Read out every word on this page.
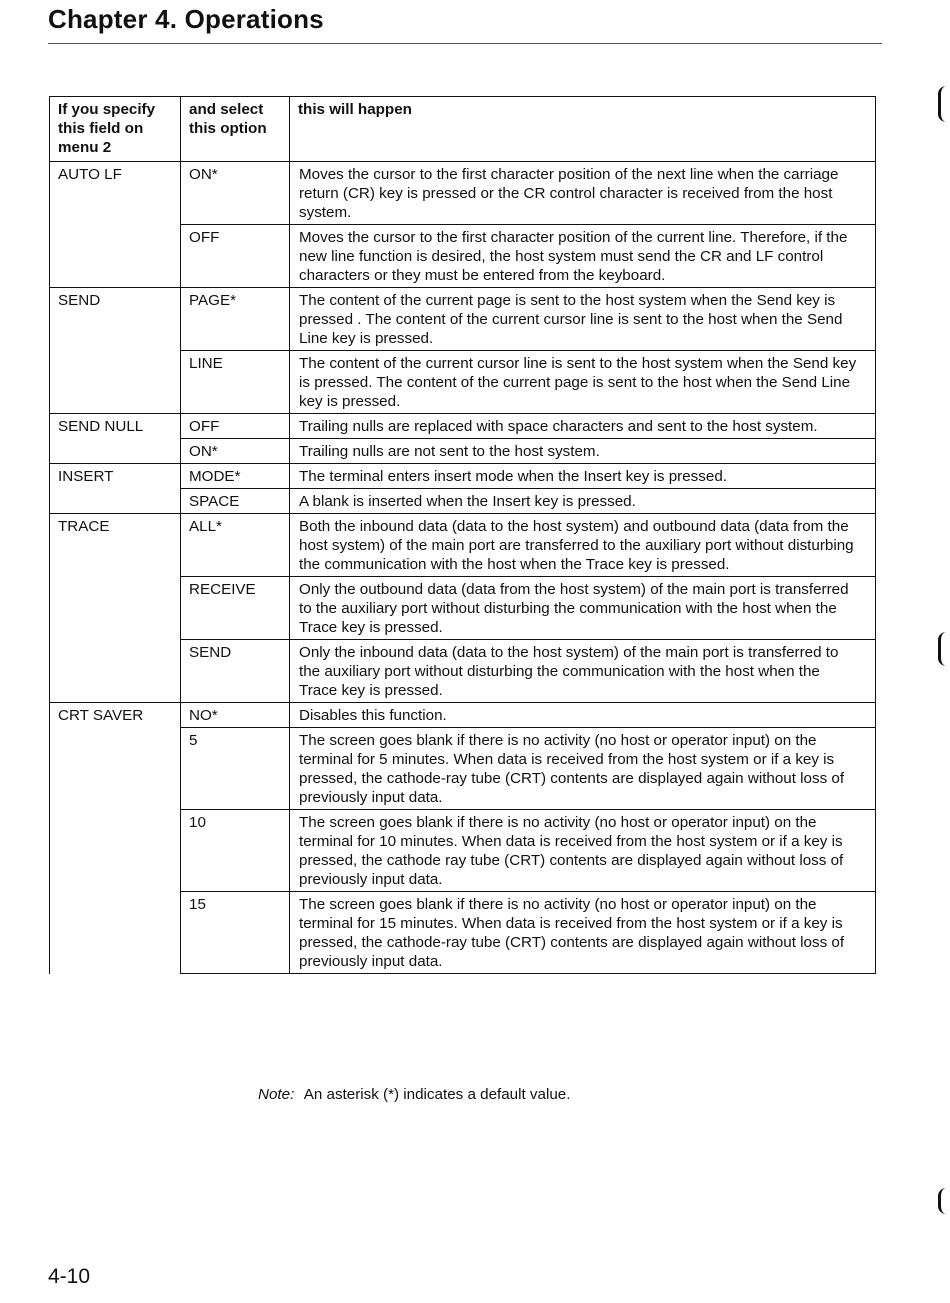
Chapter 4. Operations
If you specify this field on menu 2	and select this option	this will happen
AUTO LF	ON*	Moves the cursor to the first character position of the next line when the carriage return (CR) key is pressed or the CR control character is received from the host system.
	OFF	Moves the cursor to the first character position of the current line. Therefore, if the new line function is desired, the host system must send the CR and LF control characters or they must be entered from the keyboard.
SEND	PAGE*	The content of the current page is sent to the host system when the Send key is pressed . The content of the current cursor line is sent to the host when the Send Line key is pressed.
	LINE	The content of the current cursor line is sent to the host system when the Send key is pressed. The content of the current page is sent to the host when the Send Line key is pressed.
SEND NULL	OFF	Trailing nulls are replaced with space characters and sent to the host system.
	ON*	Trailing nulls are not sent to the host system.
INSERT	MODE*	The terminal enters insert mode when the Insert key is pressed.
	SPACE	A blank is inserted when the Insert key is pressed.
TRACE	ALL*	Both the inbound data (data to the host system) and outbound data (data from the host system) of the main port are transferred to the auxiliary port without disturbing the communication with the host when the Trace key is pressed.
	RECEIVE	Only the outbound data (data from the host system) of the main port is transferred to the auxiliary port without disturbing the communication with the host when the Trace key is pressed.
	SEND	Only the inbound data (data to the host system) of the main port is transferred to the auxiliary port without disturbing the communication with the host when the Trace key is pressed.
CRT SAVER	NO*	Disables this function.
	5	The screen goes blank if there is no activity (no host or operator input) on the terminal for 5 minutes. When data is received from the host system or if a key is pressed, the cathode-ray tube (CRT) contents are displayed again without loss of previously input data.
	10	The screen goes blank if there is no activity (no host or operator input) on the terminal for 10 minutes. When data is received from the host system or if a key is pressed, the cathode ray tube (CRT) contents are displayed again without loss of previously input data.
	15	The screen goes blank if there is no activity (no host or operator input) on the terminal for 15 minutes. When data is received from the host system or if a key is pressed, the cathode-ray tube (CRT) contents are displayed again without loss of previously input data.
Note: An asterisk (*) indicates a default value.
4-10
